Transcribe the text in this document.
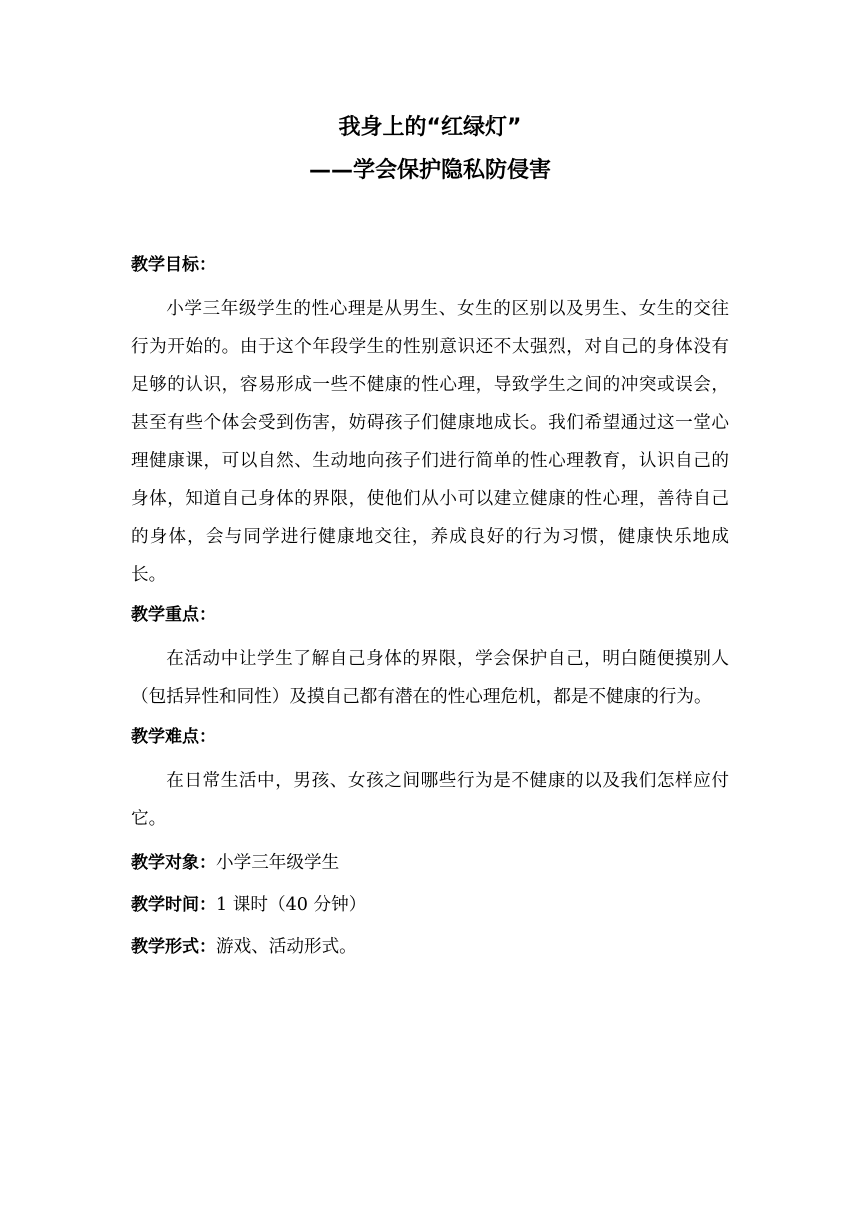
我身上的“红绿灯”
——学会保护隐私防侵害

教学目标：

小学三年级学生的性心理是从男生、女生的区别以及男生、女生的交往行为开始的。由于这个年段学生的性别意识还不太强烈，对自己的身体没有足够的认识，容易形成一些不健康的性心理，导致学生之间的冲突或误会，甚至有些个体会受到伤害，妨碍孩子们健康地成长。我们希望通过这一堂心理健康课，可以自然、生动地向孩子们进行简单的性心理教育，认识自己的身体，知道自己身体的界限，使他们从小可以建立健康的性心理，善待自己的身体，会与同学进行健康地交往，养成良好的行为习惯，健康快乐地成长。

教学重点：

在活动中让学生了解自己身体的界限，学会保护自己，明白随便摸别人（包括异性和同性）及摸自己都有潜在的性心理危机，都是不健康的行为。

教学难点：

在日常生活中，男孩、女孩之间哪些行为是不健康的以及我们怎样应付它。

教学对象：小学三年级学生

教学时间：1 课时（40 分钟）

教学形式：游戏、活动形式。
